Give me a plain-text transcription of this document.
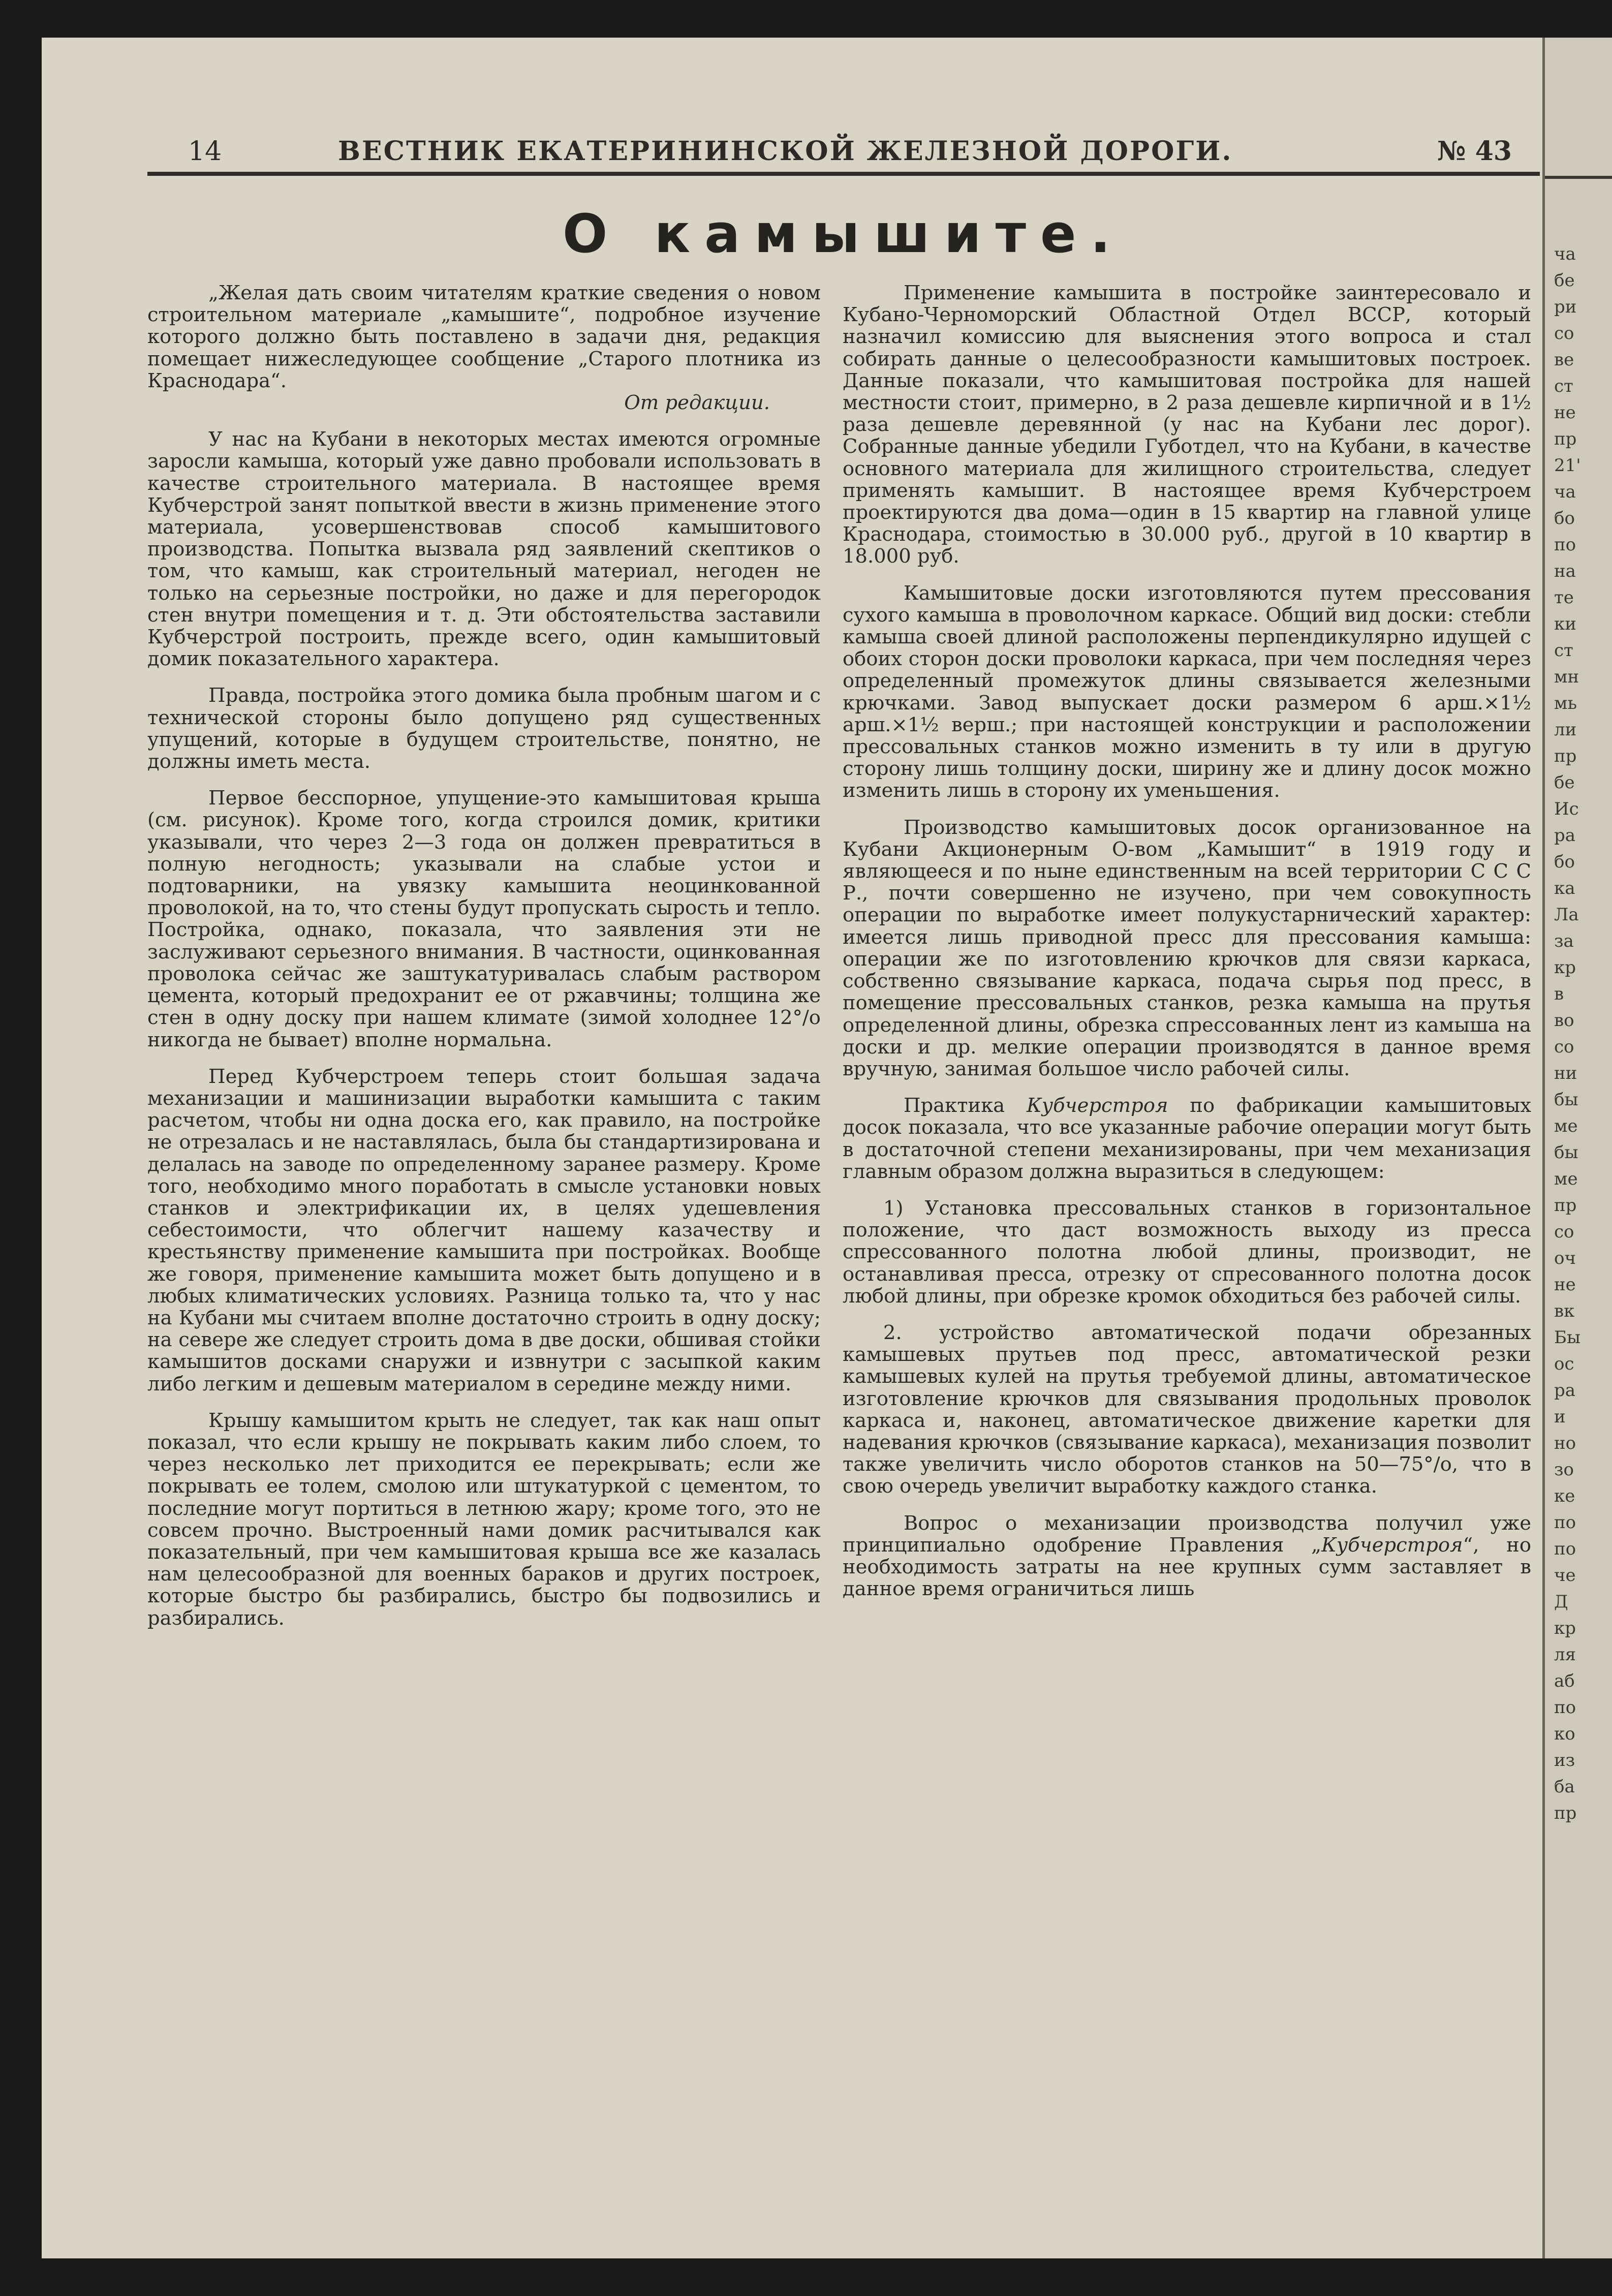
ча
бе
ри
со
ве
ст
не
пр
21'
ча
бо
по
на
те
ки
ст
мн
мь
ли
пр
бе
Ис
ра
бо
ка
Ла
за
кр
в
во
со
ни
бы
ме
бы
ме
пр
со
оч
не
вк
Бы
ос
ра
и
но
зо
ке
по
по
че
Д
кр
ля
аб
по
ко
из
ба
пр
14	ВЕСТНИК ЕКАТЕРИНИНСКОЙ ЖЕЛЕЗНОЙ ДОРОГИ.	№ 43
О камышите.

„Желая дать своим читателям краткие сведения о новом строительном материале „камышите“, подробное изучение которого должно быть поставлено в задачи дня, редакция помещает нижеследующее сообщение „Старого плотника из Краснодара“.
От редакции.

У нас на Кубани в некоторых местах имеются огромные заросли камыша, который уже давно пробовали использовать в качестве строительного материала. В настоящее время Кубчерстрой занят попыткой ввести в жизнь применение этого материала, усовершенствовав способ камышитового производства. Попытка вызвала ряд заявлений скептиков о том, что камыш, как строительный материал, негоден не только на серьезные постройки, но даже и для перегородок стен внутри помещения и т. д. Эти обстоятельства заставили Кубчерстрой построить, прежде всего, один камышитовый домик показательного характера.

Правда, постройка этого домика была пробным шагом и с технической стороны было допущено ряд существенных упущений, которые в будущем строительстве, понятно, не должны иметь места.

Первое бесспорное, упущение-это камышитовая крыша (см. рисунок). Кроме того, когда строился домик, критики указывали, что через 2—3 года он должен превратиться в полную негодность; указывали на слабые устои и подтоварники, на увязку камышита неоцинкованной проволокой, на то, что стены будут пропускать сырость и тепло. Постройка, однако, показала, что заявления эти не заслуживают серьезного внимания. В частности, оцинкованная проволока сейчас же заштукатуривалась слабым раствором цемента, который предохранит ее от ржавчины; толщина же стен в одну доску при нашем климате (зимой холоднее 12°/о никогда не бывает) вполне нормальна.

Перед Кубчерстроем теперь стоит большая задача механизации и машинизации выработки камышита с таким расчетом, чтобы ни одна доска его, как правило, на постройке не отрезалась и не наставлялась, была бы стандартизирована и делалась на заводе по определенному заранее размеру. Кроме того, необходимо много поработать в смысле установки новых станков и электрификации их, в целях удешевления себестоимости, что облегчит нашему казачеству и крестьянству применение камышита при постройках. Вообще же говоря, применение камышита может быть допущено и в любых климатических условиях. Разница только та, что у нас на Кубани мы считаем вполне достаточно строить в одну доску; на севере же следует строить дома в две доски, обшивая стойки камышитов досками снаружи и извнутри с засыпкой каким либо легким и дешевым материалом в середине между ними.

Крышу камышитом крыть не следует, так как наш опыт показал, что если крышу не покрывать каким либо слоем, то через несколько лет приходится ее перекрывать; если же покрывать ее толем, смолою или штукатуркой с цементом, то последние могут портиться в летнюю жару; кроме того, это не совсем прочно. Выстроенный нами домик расчитывался как показательный, при чем камышитовая крыша все же казалась нам целесообразной для военных бараков и других построек, которые быстро бы разбирались, быстро бы подвозились и разбирались.

Применение камышита в постройке заинтересовало и Кубано-Черноморский Областной Отдел ВССР, который назначил комиссию для выяснения этого вопроса и стал собирать данные о целесообразности камышитовых построек. Данные показали, что камышитовая постройка для нашей местности стоит, примерно, в 2 раза дешевле кирпичной и в 1½ раза дешевле деревянной (у нас на Кубани лес дорог). Собранные данные убедили Губотдел, что на Кубани, в качестве основного материала для жилищного строительства, следует применять камышит. В настоящее время Кубчерстроем проектируются два дома—один в 15 квартир на главной улице Краснодара, стоимостью в 30.000 руб., другой в 10 квартир в 18.000 руб.

Камышитовые доски изготовляются путем прессования сухого камыша в проволочном каркасе. Общий вид доски: стебли камыша своей длиной расположены перпендикулярно идущей с обоих сторон доски проволоки каркаса, при чем последняя через определенный промежуток длины связывается железными крючками. Завод выпускает доски размером 6 арш.×1½ арш.×1½ верш.; при настоящей конструкции и расположении прессовальных станков можно изменить в ту или в другую сторону лишь толщину доски, ширину же и длину досок можно изменить лишь в сторону их уменьшения.

Производство камышитовых досок организованное на Кубани Акционерным О-вом „Камышит“ в 1919 году и являющееся и по ныне единственным на всей территории С С С Р., почти совершенно не изучено, при чем совокупность операции по выработке имеет полукустарнический характер: имеется лишь приводной пресс для прессования камыша: операции же по изготовлению крючков для связи каркаса, собственно связывание каркаса, подача сырья под пресс, в помещение прессовальных станков, резка камыша на прутья определенной длины, обрезка спрессованных лент из камыша на доски и др. мелкие операции производятся в данное время вручную, занимая большое число рабочей силы.

Практика Кубчерстроя по фабрикации камышитовых досок показала, что все указанные рабочие операции могут быть в достаточной степени механизированы, при чем механизация главным образом должна выразиться в следующем:

1) Установка прессовальных станков в горизонтальное положение, что даст возможность выходу из пресса спрессованного полотна любой длины, производит, не останавливая пресса, отрезку от спресованного полотна досок любой длины, при обрезке кромок обходиться без рабочей силы.

2. устройство автоматической подачи обрезанных камышевых прутьев под пресс, автоматической резки камышевых кулей на прутья требуемой длины, автоматическое изготовление крючков для связывания продольных проволок каркаса и, наконец, автоматическое движение каретки для надевания крючков (связывание каркаса), механизация позволит также увеличить число оборотов станков на 50—75°/о, что в свою очередь увеличит выработку каждого станка.

Вопрос о механизации производства получил уже принципиально одобрение Правления „Кубчерстроя“, но необходимость затраты на нее крупных сумм заставляет в данное время ограничиться лишь
